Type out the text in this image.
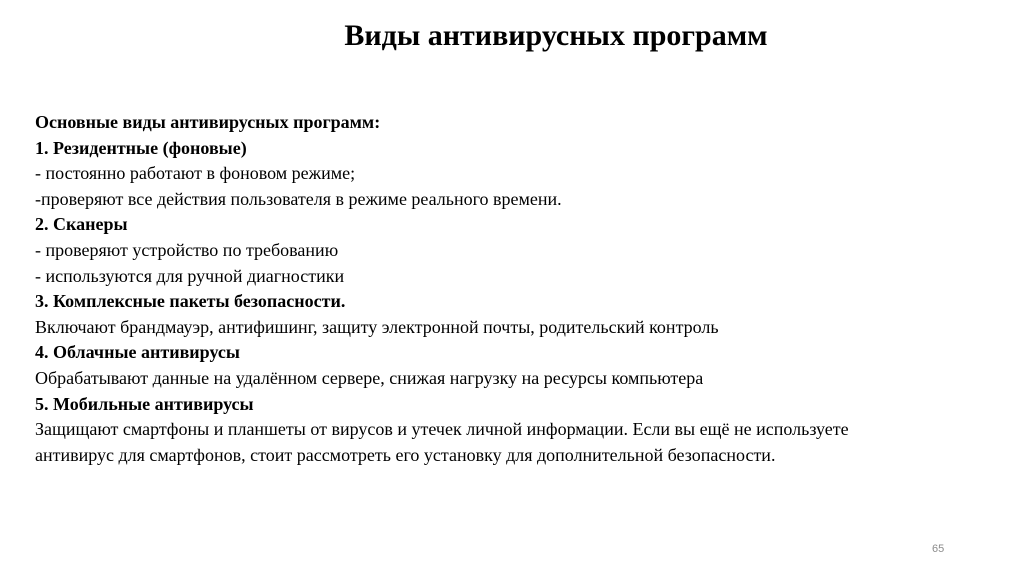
Виды антивирусных программ
Основные виды антивирусных программ:
1. Резидентные (фоновые)
- постоянно работают в фоновом режиме;
-проверяют все действия пользователя в режиме реального времени.
2. Сканеры
- проверяют устройство по требованию
- используются для ручной диагностики
3. Комплексные пакеты безопасности.
Включают брандмауэр, антифишинг, защиту электронной почты, родительский контроль
4. Облачные антивирусы
Обрабатывают данные на удалённом сервере, снижая нагрузку на ресурсы компьютера
5. Мобильные антивирусы
Защищают смартфоны и планшеты от вирусов и утечек личной информации. Если вы ещё не используете
антивирус для смартфонов, стоит рассмотреть его установку для дополнительной безопасности.
65
